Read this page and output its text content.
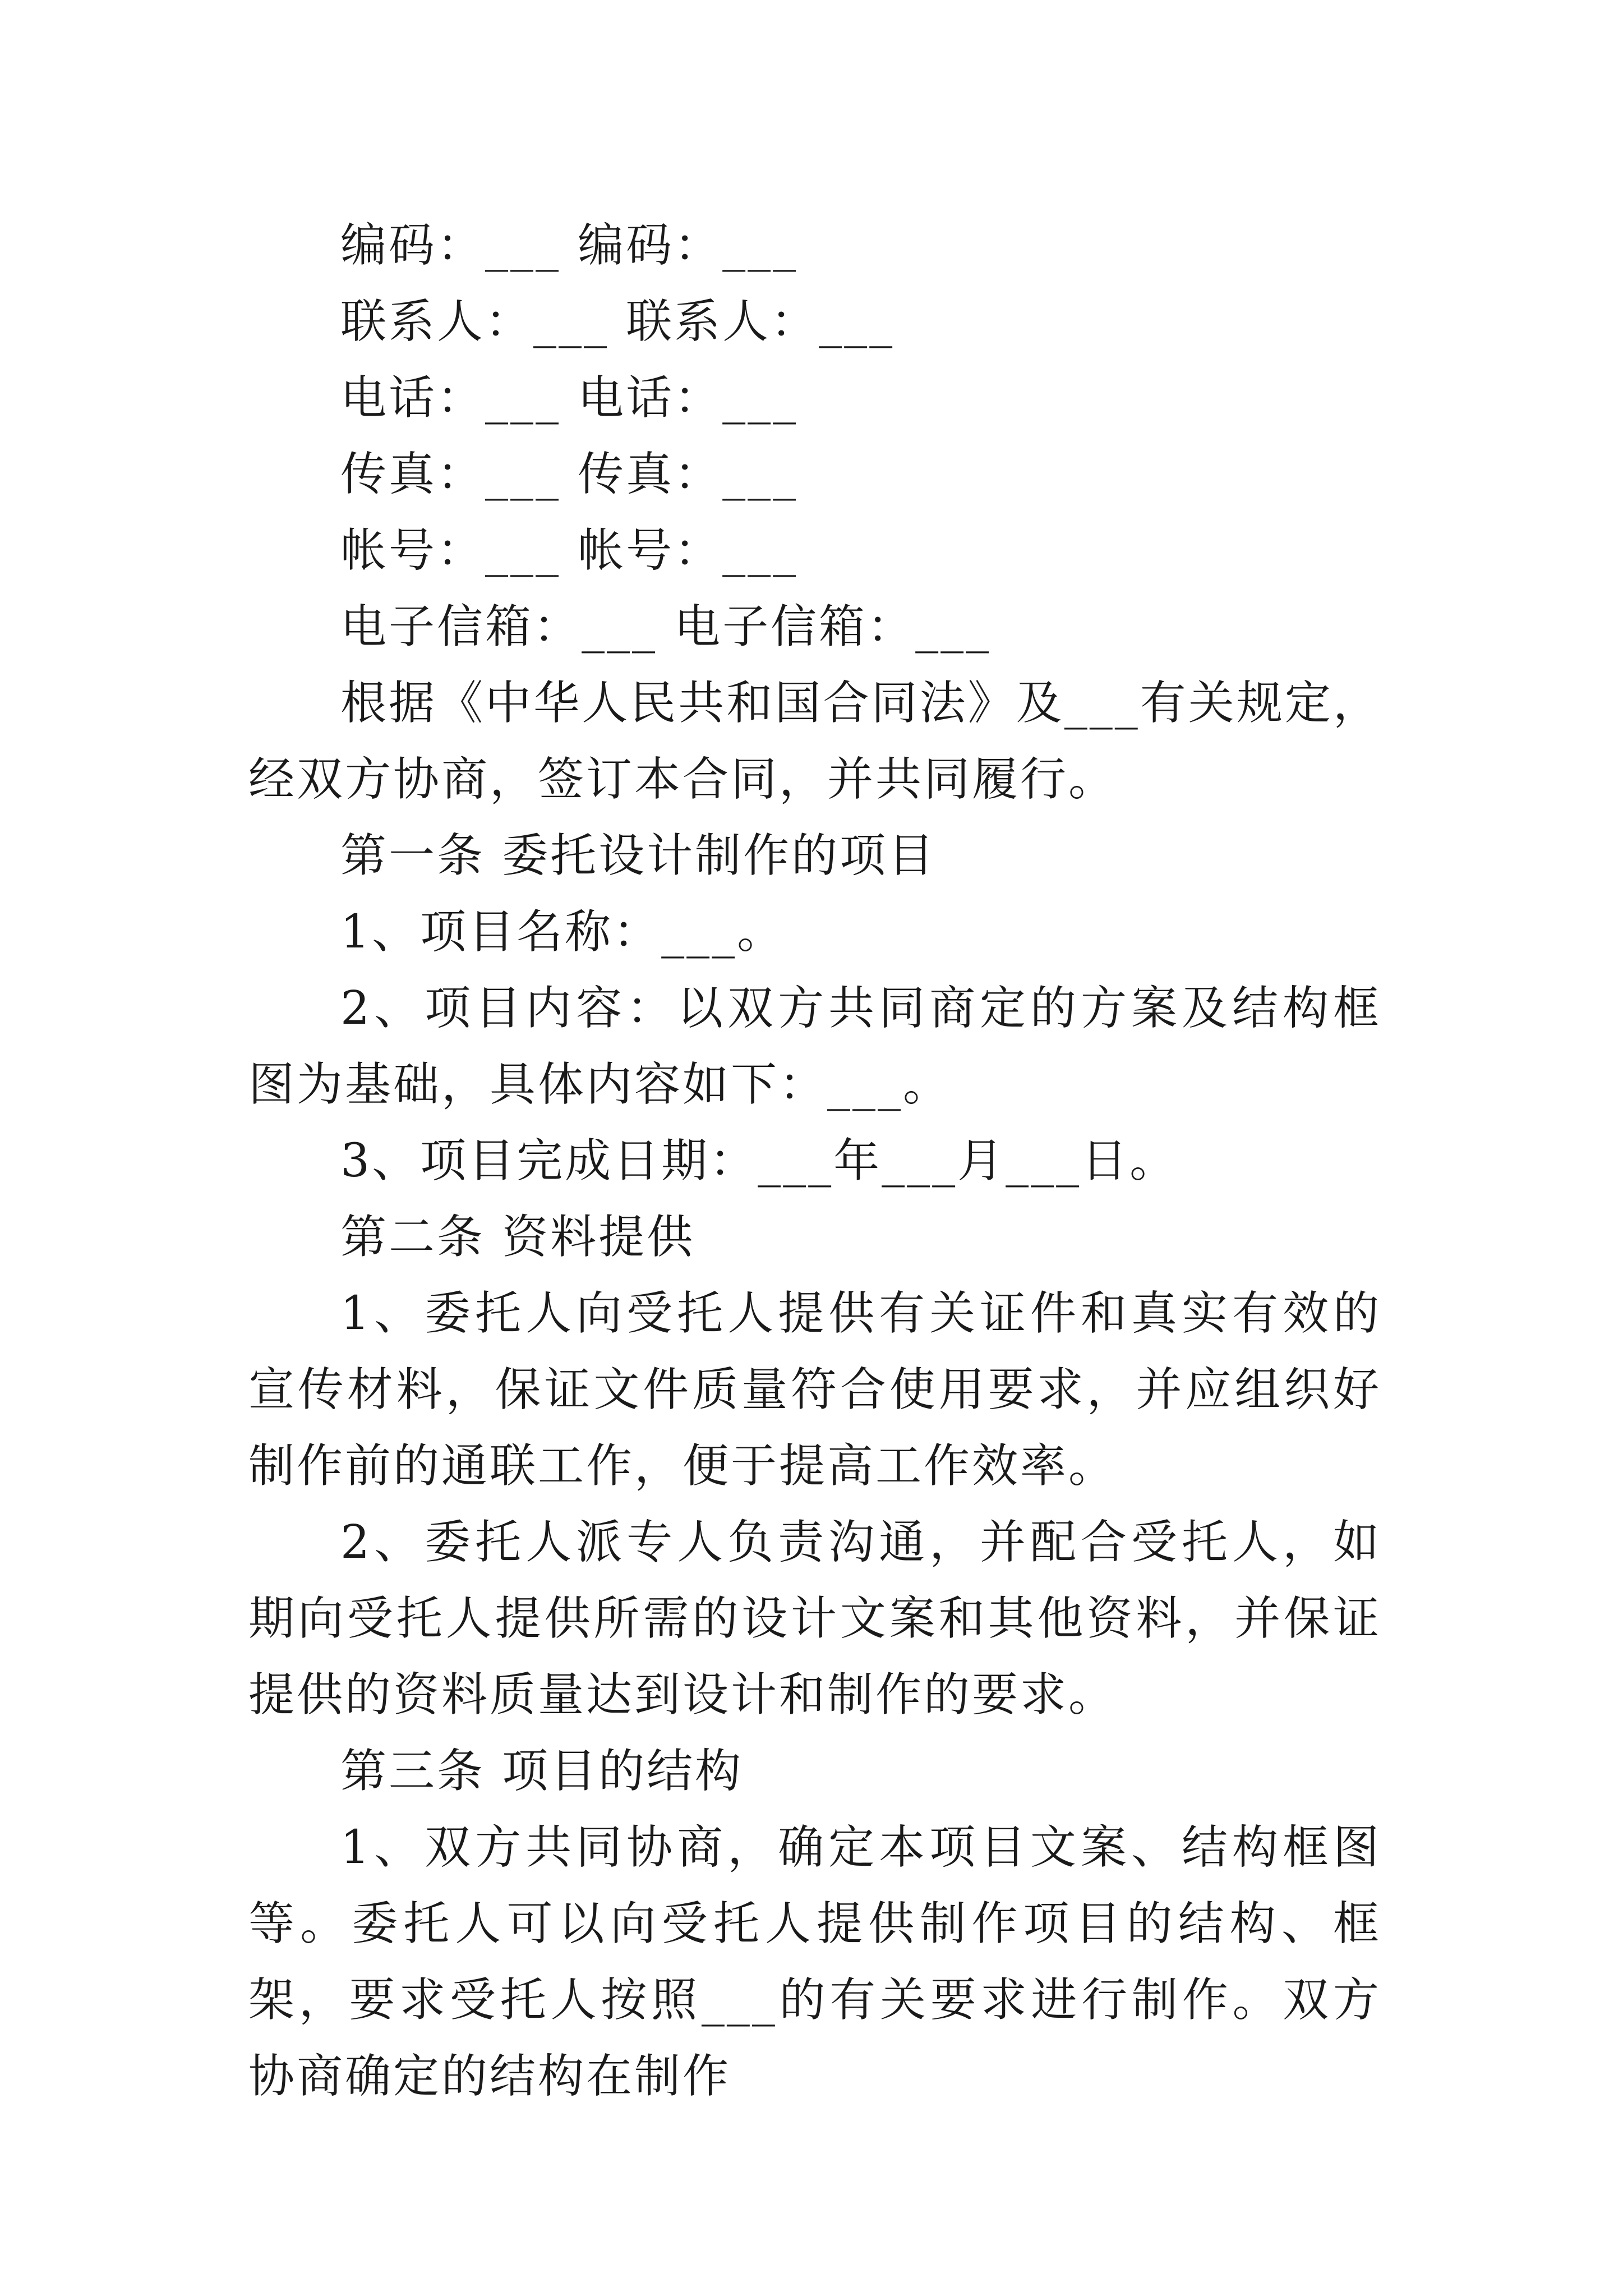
编码：___ 编码：___

联系人：___ 联系人：___

电话：___ 电话：___

传真：___ 传真：___

帐号：___ 帐号：___

电子信箱：___ 电子信箱：___

根据《中华人民共和国合同法》及___有关规定，经双方协商，签订本合同，并共同履行。

第一条 委托设计制作的项目

1、项目名称：___。

2、项目内容：以双方共同商定的方案及结构框图为基础，具体内容如下：___。

3、项目完成日期：___年___月___日。

第二条 资料提供

1、委托人向受托人提供有关证件和真实有效的宣传材料，保证文件质量符合使用要求，并应组织好制作前的通联工作，便于提高工作效率。

2、委托人派专人负责沟通，并配合受托人，如期向受托人提供所需的设计文案和其他资料，并保证提供的资料质量达到设计和制作的要求。

第三条 项目的结构

1、双方共同协商，确定本项目文案、结构框图等。委托人可以向受托人提供制作项目的结构、框架，要求受托人按照___的有关要求进行制作。双方协商确定的结构在制作
